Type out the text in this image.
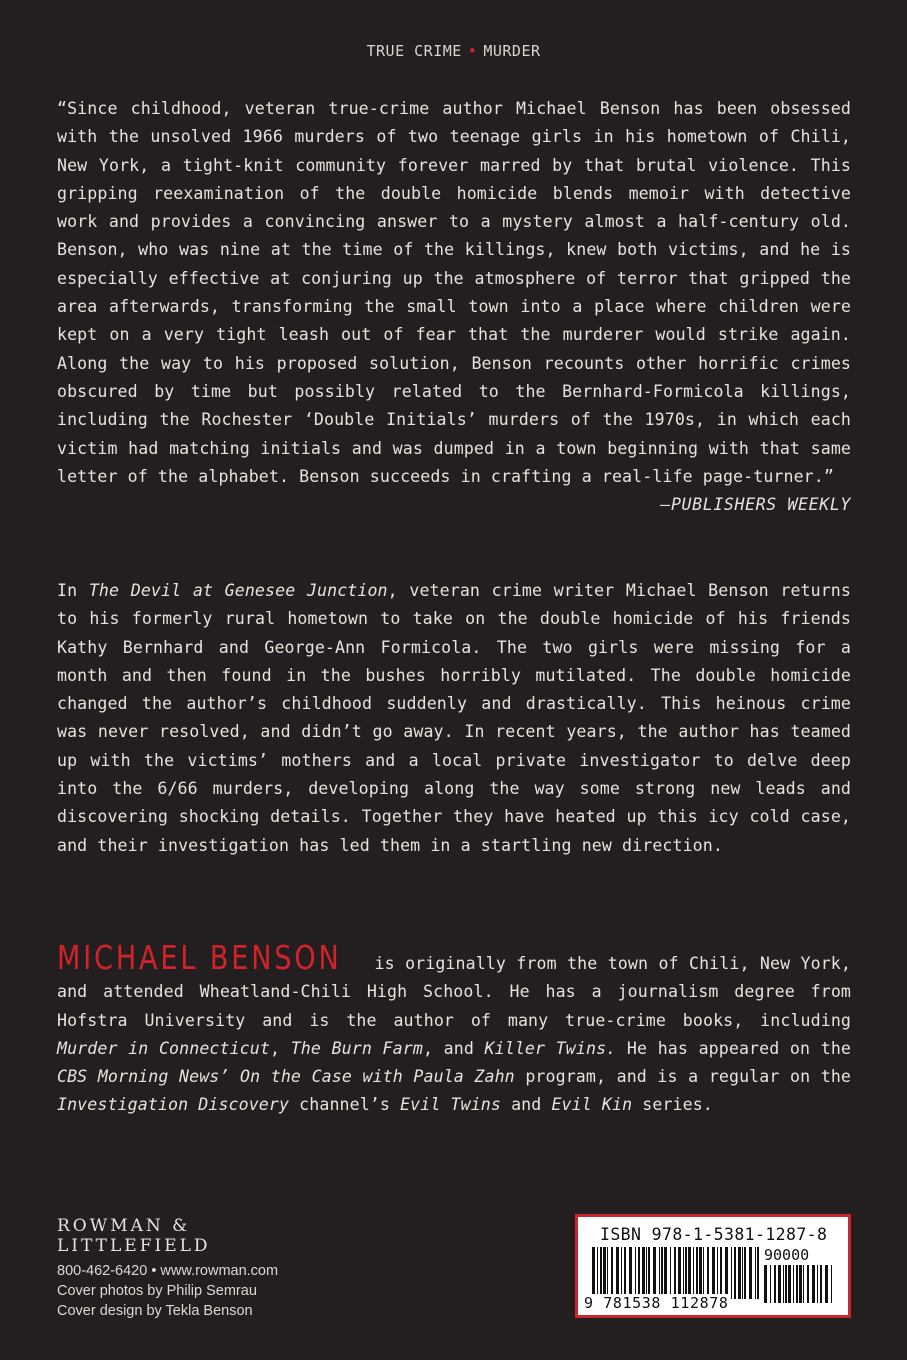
TRUE CRIME • MURDER
“Since childhood, veteran true-crime author Michael Benson has been obsessed with the unsolved 1966 murders of two teenage girls in his hometown of Chili, New York, a tight-knit community forever marred by that brutal violence. This gripping reexamination of the double homicide blends memoir with detective work and provides a convincing answer to a mystery almost a half-century old. Benson, who was nine at the time of the killings, knew both victims, and he is especially effective at conjuring up the atmosphere of terror that gripped the area afterwards, transforming the small town into a place where children were kept on a very tight leash out of fear that the murderer would strike again. Along the way to his proposed solution, Benson recounts other horrific crimes obscured by time but possibly related to the Bernhard-Formicola killings, including the Rochester ‘Double Initials’ murders of the 1970s, in which each victim had matching initials and was dumped in a town beginning with that same letter of the alphabet. Benson succeeds in crafting a real-life page-turner.”
–PUBLISHERS WEEKLY
In The Devil at Genesee Junction, veteran crime writer Michael Benson returns to his formerly rural hometown to take on the double homicide of his friends Kathy Bernhard and George-Ann Formicola. The two girls were missing for a month and then found in the bushes horribly mutilated. The double homicide changed the author’s childhood suddenly and drastically. This heinous crime was never resolved, and didn’t go away. In recent years, the author has teamed up with the victims’ mothers and a local private investigator to delve deep into the 6/66 murders, developing along the way some strong new leads and discovering shocking details. Together they have heated up this icy cold case, and their investigation has led them in a startling new direction.
MICHAEL BENSON is originally from the town of Chili, New York, and attended Wheatland-Chili High School. He has a journalism degree from Hofstra University and is the author of many true-crime books, including Murder in Connecticut, The Burn Farm, and Killer Twins. He has appeared on the CBS Morning News’ On the Case with Paula Zahn program, and is a regular on the Investigation Discovery channel’s Evil Twins and Evil Kin series.
ROWMAN &
LITTLEFIELD
800-462-6420 • www.rowman.com
Cover photos by Philip Semrau
Cover design by Tekla Benson
ISBN 978-1-5381-1287-8
90000
9 781538 112878
